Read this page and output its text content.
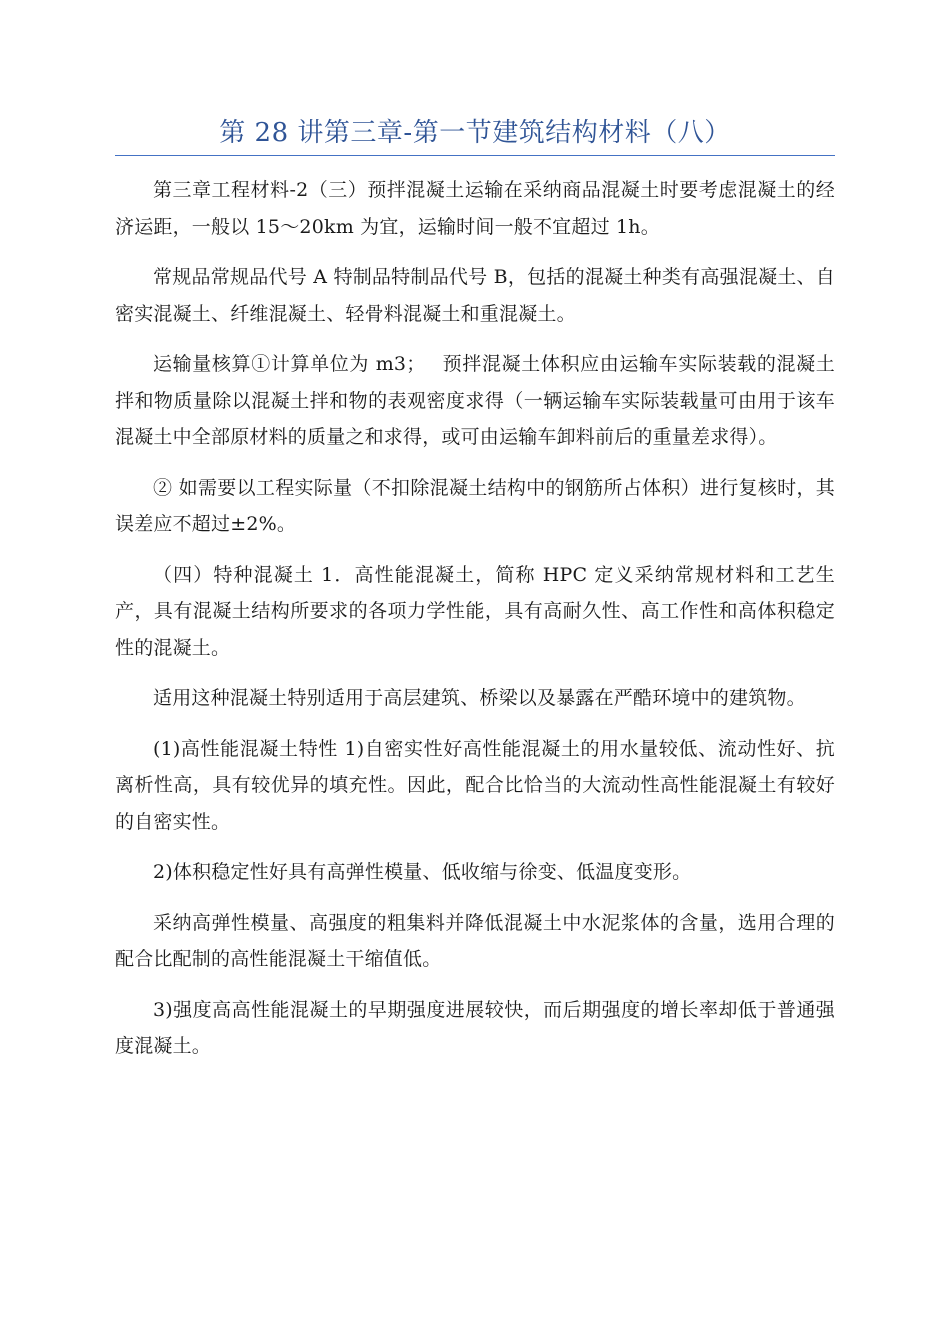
第 28 讲第三章-第一节建筑结构材料（八）

第三章工程材料-2（三）预拌混凝土运输在采纳商品混凝土时要考虑混凝土的经济运距，一般以 15～20km 为宜，运输时间一般不宜超过 1h。

常规品常规品代号 A 特制品特制品代号 B，包括的混凝土种类有高强混凝土、自密实混凝土、纤维混凝土、轻骨料混凝土和重混凝土。

运输量核算①计算单位为 m3；　 预拌混凝土体积应由运输车实际装载的混凝土拌和物质量除以混凝土拌和物的表观密度求得（一辆运输车实际装载量可由用于该车混凝土中全部原材料的质量之和求得，或可由运输车卸料前后的重量差求得）。

② 如需要以工程实际量（不扣除混凝土结构中的钢筋所占体积）进行复核时，其误差应不超过±2%。

（四）特种混凝土 1．高性能混凝土，简称 HPC 定义采纳常规材料和工艺生产，具有混凝土结构所要求的各项力学性能，具有高耐久性、高工作性和高体积稳定性的混凝土。

适用这种混凝土特别适用于高层建筑、桥梁以及暴露在严酷环境中的建筑物。

(1)高性能混凝土特性 1)自密实性好高性能混凝土的用水量较低、流动性好、抗离析性高，具有较优异的填充性。因此，配合比恰当的大流动性高性能混凝土有较好的自密实性。

2)体积稳定性好具有高弹性模量、低收缩与徐变、低温度变形。

采纳高弹性模量、高强度的粗集料并降低混凝土中水泥浆体的含量，选用合理的配合比配制的高性能混凝土干缩值低。

3)强度高高性能混凝土的早期强度进展较快，而后期强度的增长率却低于普通强度混凝土。
